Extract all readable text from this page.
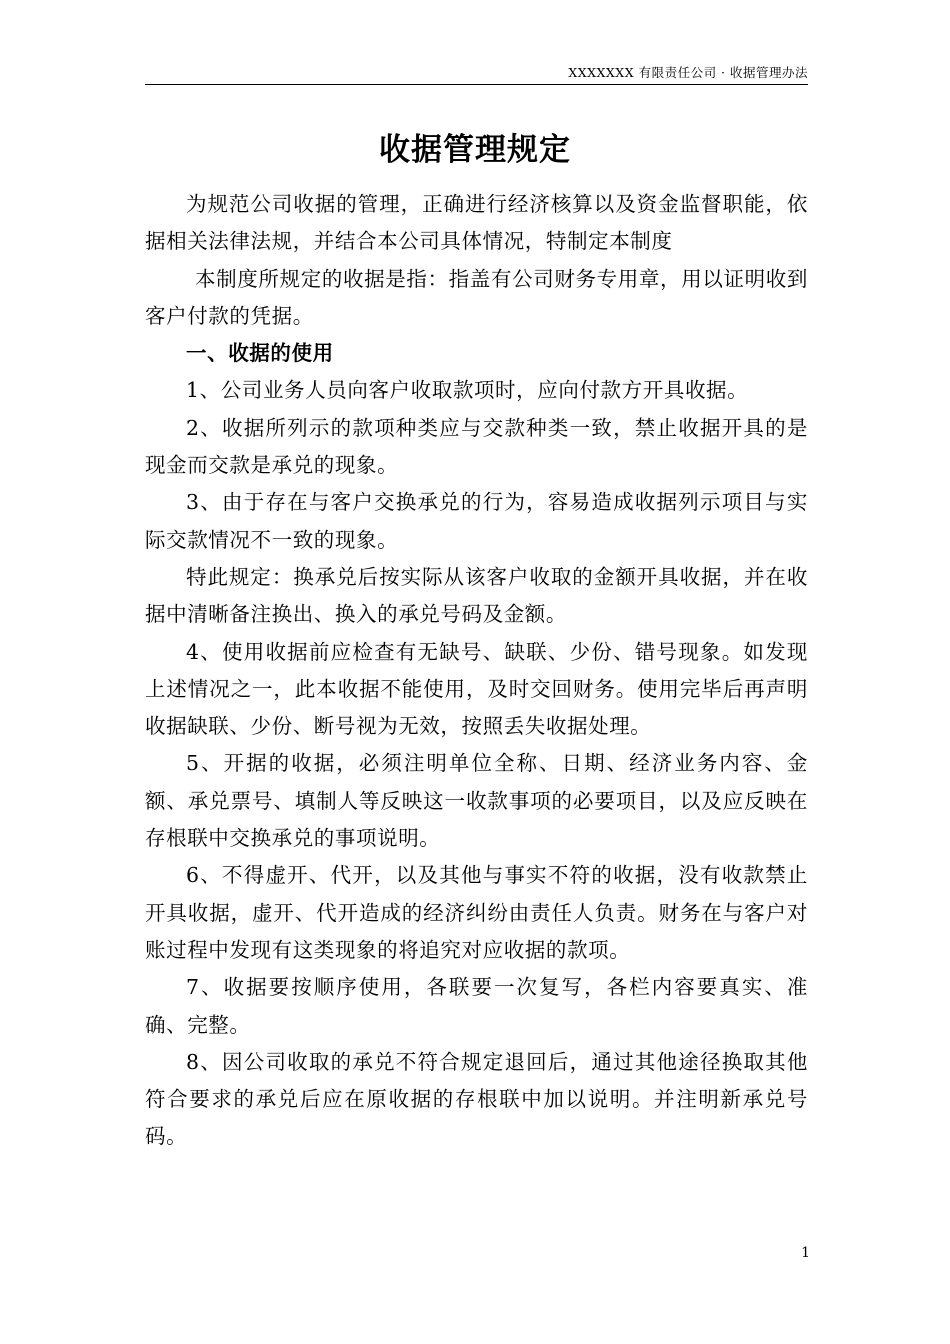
XXXXXXX 有限责任公司 · 收据管理办法
收据管理规定

为规范公司收据的管理，正确进行经济核算以及资金监督职能，依据相关法律法规，并结合本公司具体情况，特制定本制度

本制度所规定的收据是指：指盖有公司财务专用章，用以证明收到客户付款的凭据。

一、收据的使用

1、公司业务人员向客户收取款项时，应向付款方开具收据。

2、收据所列示的款项种类应与交款种类一致，禁止收据开具的是现金而交款是承兑的现象。

3、由于存在与客户交换承兑的行为，容易造成收据列示项目与实际交款情况不一致的现象。

特此规定：换承兑后按实际从该客户收取的金额开具收据，并在收据中清晰备注换出、换入的承兑号码及金额。

4、使用收据前应检查有无缺号、缺联、少份、错号现象。如发现上述情况之一，此本收据不能使用，及时交回财务。使用完毕后再声明收据缺联、少份、断号视为无效，按照丢失收据处理。

5、开据的收据，必须注明单位全称、日期、经济业务内容、金额、承兑票号、填制人等反映这一收款事项的必要项目，以及应反映在存根联中交换承兑的事项说明。

6、不得虚开、代开，以及其他与事实不符的收据，没有收款禁止开具收据，虚开、代开造成的经济纠纷由责任人负责。财务在与客户对账过程中发现有这类现象的将追究对应收据的款项。

7、收据要按顺序使用，各联要一次复写，各栏内容要真实、准确、完整。

8、因公司收取的承兑不符合规定退回后，通过其他途径换取其他符合要求的承兑后应在原收据的存根联中加以说明。并注明新承兑号码。

1
